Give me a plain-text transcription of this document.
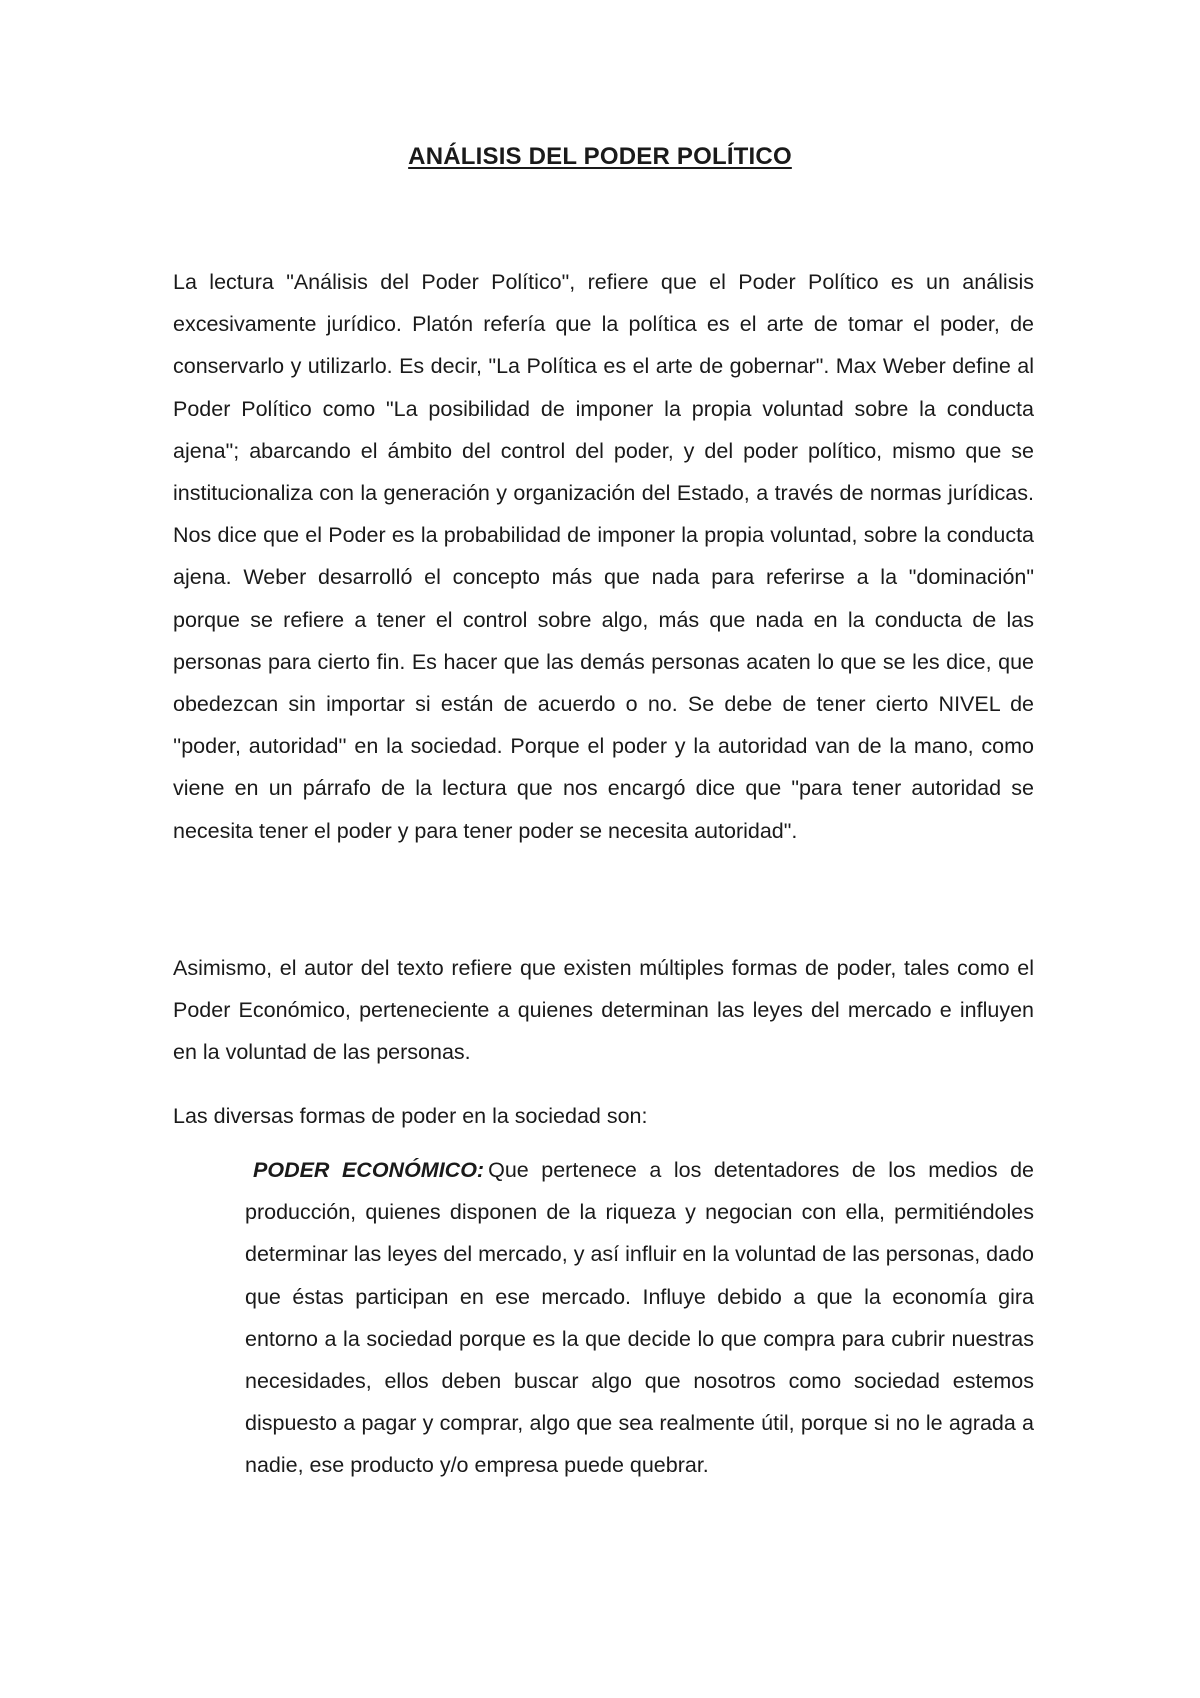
ANÁLISIS DEL PODER POLÍTICO

La lectura "Análisis del Poder Político", refiere que el Poder Político es un análisis excesivamente jurídico. Platón refería que la política es el arte de tomar el poder, de conservarlo y utilizarlo. Es decir, "La Política es el arte de gobernar". Max Weber define al Poder Político como "La posibilidad de imponer la propia voluntad sobre la conducta ajena"; abarcando el ámbito del control del poder, y del poder político, mismo que se institucionaliza con la generación y organización del Estado, a través de normas jurídicas. Nos dice que el Poder es la probabilidad de imponer la propia voluntad, sobre la conducta ajena. Weber desarrolló el concepto más que nada para referirse a la "dominación" porque se refiere a tener el control sobre algo, más que nada en la conducta de las personas para cierto fin. Es hacer que las demás personas acaten lo que se les dice, que obedezcan sin importar si están de acuerdo o no. Se debe de tener cierto NIVEL de ''poder, autoridad'' en la sociedad. Porque el poder y la autoridad van de la mano, como viene en un párrafo de la lectura que nos encargó dice que "para tener autoridad se necesita tener el poder y para tener poder se necesita autoridad".

Asimismo, el autor del texto refiere que existen múltiples formas de poder, tales como el Poder Económico, perteneciente a quienes determinan las leyes del mercado e influyen en la voluntad de las personas.

Las diversas formas de poder en la sociedad son:

PODER ECONÓMICO: Que pertenece a los detentadores de los medios de producción, quienes disponen de la riqueza y negocian con ella, permitiéndoles determinar las leyes del mercado, y así influir en la voluntad de las personas, dado que éstas participan en ese mercado. Influye debido a que la economía gira entorno a la sociedad porque es la que decide lo que compra para cubrir nuestras necesidades, ellos deben buscar algo que nosotros como sociedad estemos dispuesto a pagar y comprar, algo que sea realmente útil, porque si no le agrada a nadie, ese producto y/o empresa puede quebrar.
